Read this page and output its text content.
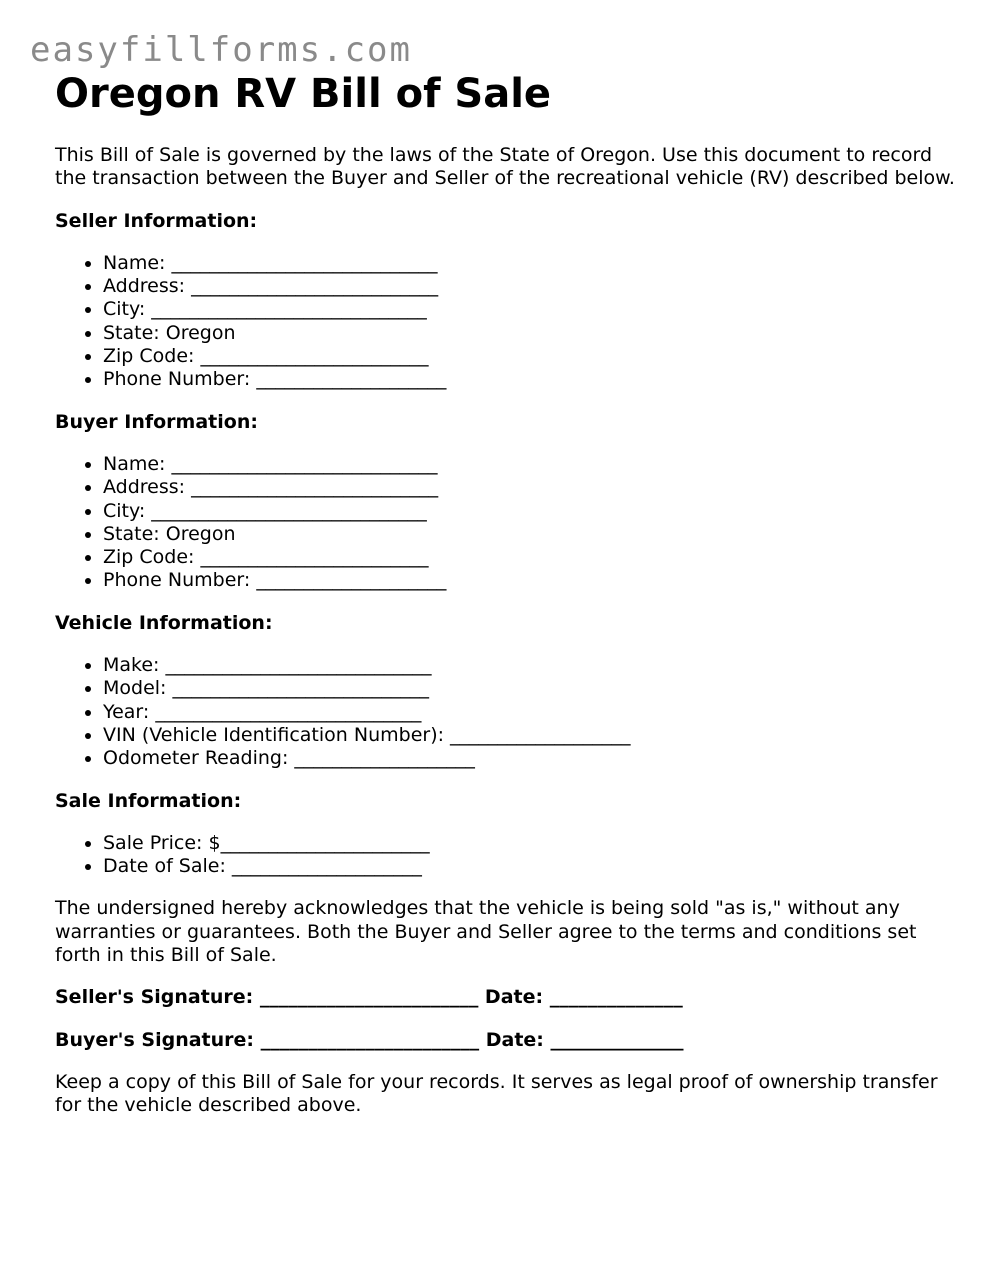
easyfillforms.com
Oregon RV Bill of Sale

This Bill of Sale is governed by the laws of the State of Oregon. Use this document to record the transaction between the Buyer and Seller of the recreational vehicle (RV) described below.

Seller Information:
• Name: ____________________________
• Address: __________________________
• City: _____________________________
• State: Oregon
• Zip Code: ________________________
• Phone Number: ____________________
Buyer Information:
• Name: ____________________________
• Address: __________________________
• City: _____________________________
• State: Oregon
• Zip Code: ________________________
• Phone Number: ____________________
Vehicle Information:
• Make: ____________________________
• Model: ___________________________
• Year: ____________________________
• VIN (Vehicle Identification Number): ___________________
• Odometer Reading: ___________________
Sale Information:
• Sale Price: $______________________
• Date of Sale: ____________________

The undersigned hereby acknowledges that the vehicle is being sold "as is," without any warranties or guarantees. Both the Buyer and Seller agree to the terms and conditions set forth in this Bill of Sale.

Seller's Signature: _______________________ Date: ______________

Buyer's Signature: _______________________ Date: ______________

Keep a copy of this Bill of Sale for your records. It serves as legal proof of ownership transfer for the vehicle described above.
